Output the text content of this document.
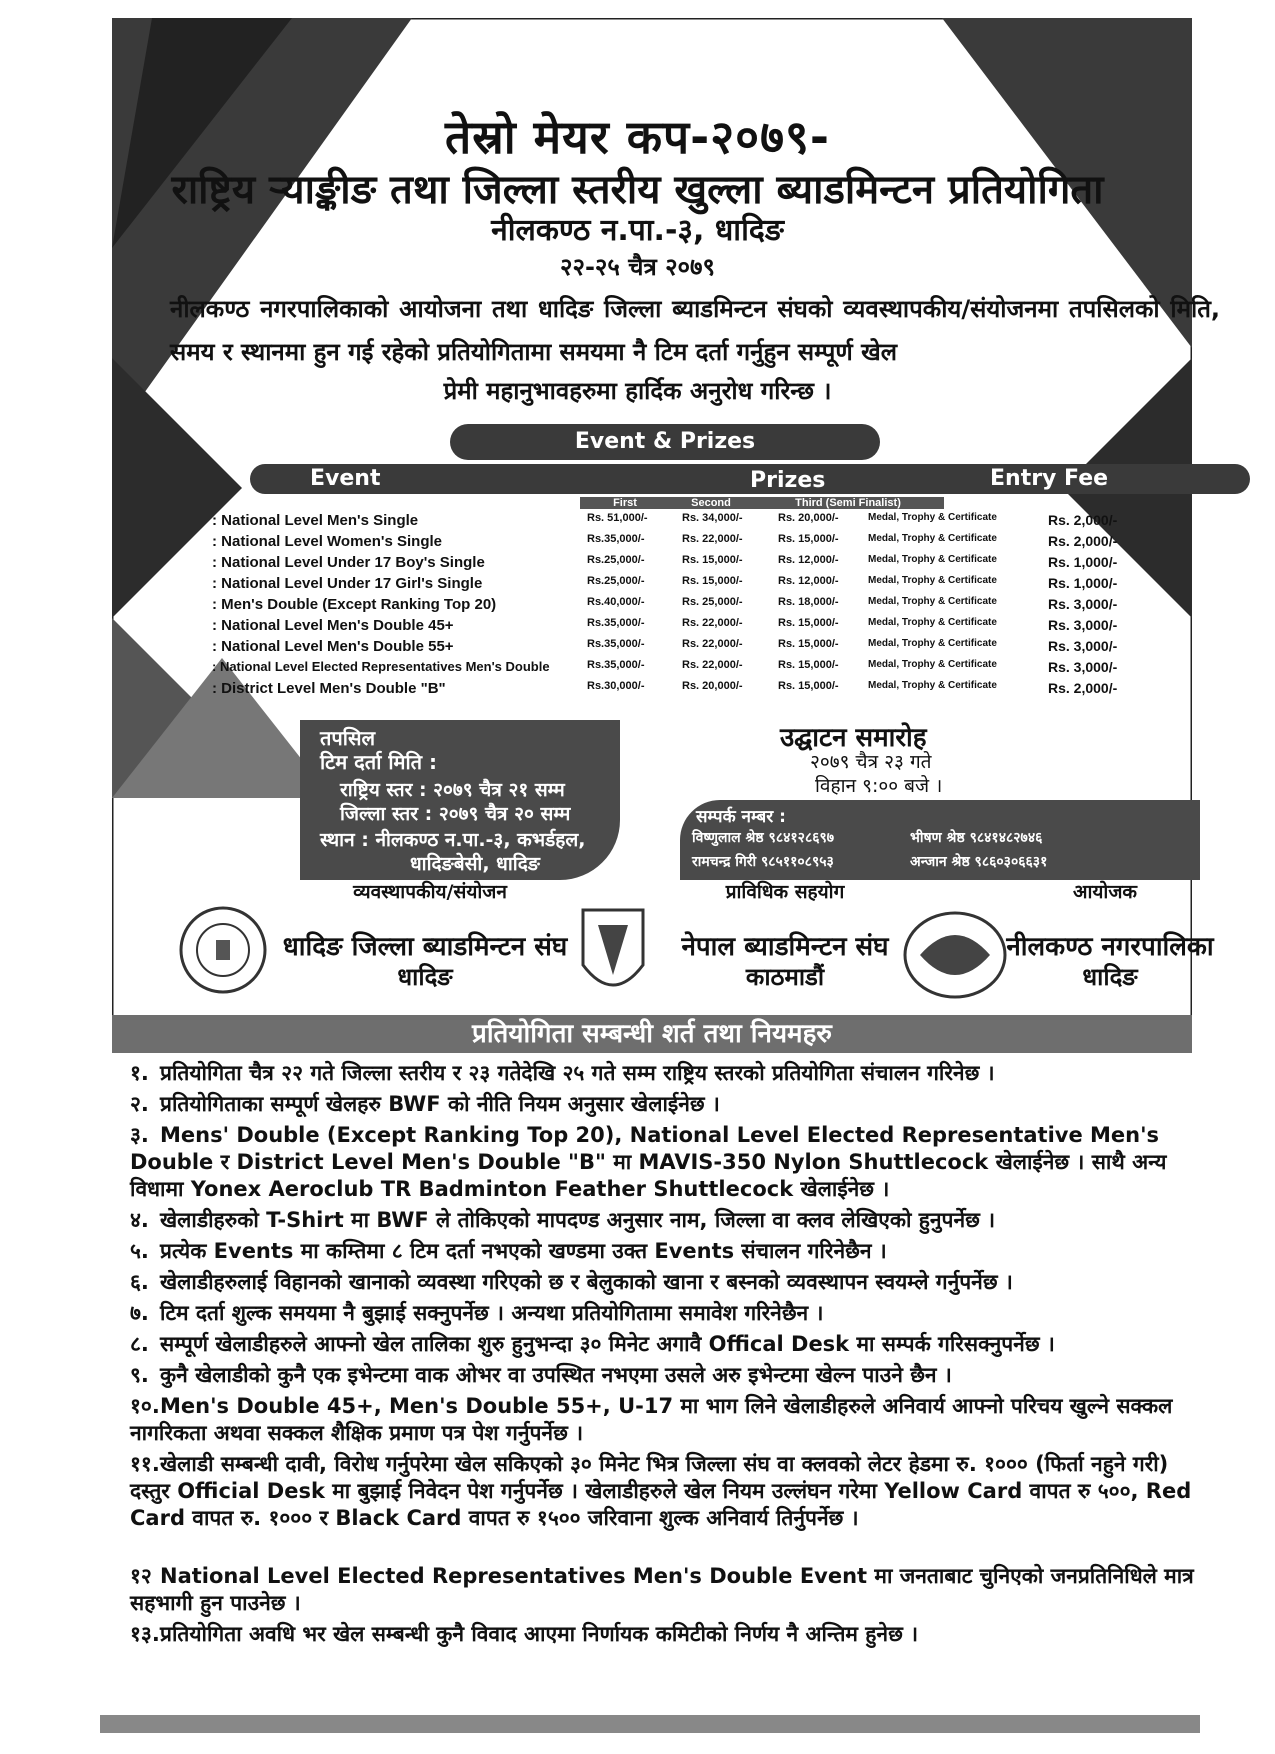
तेस्रो मेयर कप-२०७९-
राष्ट्रिय र्‍याङ्कीङ तथा जिल्ला स्तरीय खुल्ला ब्याडमिन्टन प्रतियोगिता
नीलकण्ठ न.पा.-३, धादिङ
२२-२५ चैत्र २०७९
नीलकण्ठ नगरपालिकाको आयोजना तथा धादिङ जिल्ला ब्याडमिन्टन संघको व्यवस्थापकीय/संयोजनमा तपसिलको मिति, समय र स्थानमा हुन गई रहेको प्रतियोगितामा समयमा नै टिम दर्ता गर्नुहुन सम्पूर्ण खेल
प्रेमी महानुभावहरुमा हार्दिक अनुरोध गरिन्छ ।
Event & Prizes
Event	Prizes	Entry Fee
First	Second	Third (Semi Finalist)
: National Level Men's Single	Rs. 51,000/-	Rs. 34,000/-	Rs. 20,000/-	Medal, Trophy & Certificate	Rs. 2,000/-
: National Level Women's Single	Rs.35,000/-	Rs. 22,000/-	Rs. 15,000/-	Medal, Trophy & Certificate	Rs. 2,000/-
: National Level Under 17 Boy's Single	Rs.25,000/-	Rs. 15,000/-	Rs. 12,000/-	Medal, Trophy & Certificate	Rs. 1,000/-
: National Level Under 17 Girl's Single	Rs.25,000/-	Rs. 15,000/-	Rs. 12,000/-	Medal, Trophy & Certificate	Rs. 1,000/-
: Men's Double (Except Ranking Top 20)	Rs.40,000/-	Rs. 25,000/-	Rs. 18,000/-	Medal, Trophy & Certificate	Rs. 3,000/-
: National Level Men's Double 45+	Rs.35,000/-	Rs. 22,000/-	Rs. 15,000/-	Medal, Trophy & Certificate	Rs. 3,000/-
: National Level Men's Double 55+	Rs.35,000/-	Rs. 22,000/-	Rs. 15,000/-	Medal, Trophy & Certificate	Rs. 3,000/-
: National Level Elected Representatives Men's Double	Rs.35,000/-	Rs. 22,000/-	Rs. 15,000/-	Medal, Trophy & Certificate	Rs. 3,000/-
: District Level Men's Double "B"	Rs.30,000/-	Rs. 20,000/-	Rs. 15,000/-	Medal, Trophy & Certificate	Rs. 2,000/-
तपसिल
टिम दर्ता मिति :
राष्ट्रिय स्तर : २०७९ चैत्र २१ सम्म
जिल्ला स्तर : २०७९ चैत्र २० सम्म
स्थान : नीलकण्ठ न.पा.-३, कभर्डहल,
धादिङबेसी, धादिङ
उद्घाटन समारोह
२०७९ चैत्र २३ गते
विहान ९:०० बजे ।
सम्पर्क नम्बर :
विष्णुलाल श्रेष्ठ ९८४१२८६९७	भीषण श्रेष्ठ ९८४१४८२७४६
रामचन्द्र गिरी ९८५११०८९५३	अन्जान श्रेष्ठ ९८६०३०६६३१
व्यवस्थापकीय/संयोजन
धादिङ जिल्ला ब्याडमिन्टन संघ
धादिङ
प्राविधिक सहयोग
नेपाल ब्याडमिन्टन संघ
काठमाडौं
आयोजक
नीलकण्ठ नगरपालिका
धादिङ
प्रतियोगिता सम्बन्धी शर्त तथा नियमहरु
१. प्रतियोगिता चैत्र २२ गते जिल्ला स्तरीय र २३ गतेदेखि २५ गते सम्म राष्ट्रिय स्तरको प्रतियोगिता संचालन गरिनेछ ।
२. प्रतियोगिताका सम्पूर्ण खेलहरु BWF को नीति नियम अनुसार खेलाईनेछ ।
३. Mens' Double (Except Ranking Top 20), National Level Elected Representative Men's Double र District Level Men's Double "B" मा MAVIS-350 Nylon Shuttlecock खेलाईनेछ । साथै अन्य विधामा Yonex Aeroclub TR Badminton Feather Shuttlecock खेलाईनेछ ।
४. खेलाडीहरुको T-Shirt मा BWF ले तोकिएको मापदण्ड अनुसार नाम, जिल्ला वा क्लव लेखिएको हुनुपर्नेछ ।
५. प्रत्येक Events मा कम्तिमा ८ टिम दर्ता नभएको खण्डमा उक्त Events संचालन गरिनेछैन ।
६. खेलाडीहरुलाई विहानको खानाको व्यवस्था गरिएको छ र बेलुकाको खाना र बस्नको व्यवस्थापन स्वयम्ले गर्नुपर्नेछ ।
७. टिम दर्ता शुल्क समयमा नै बुझाई सक्नुपर्नेछ । अन्यथा प्रतियोगितामा समावेश गरिनेछैन ।
८. सम्पूर्ण खेलाडीहरुले आफ्नो खेल तालिका शुरु हुनुभन्दा ३० मिनेट अगावै Offical Desk मा सम्पर्क गरिसक्नुपर्नेछ ।
९. कुनै खेलाडीको कुनै एक इभेन्टमा वाक ओभर वा उपस्थित नभएमा उसले अरु इभेन्टमा खेल्न पाउने छैन ।
१०.Men's Double 45+, Men's Double 55+, U-17 मा भाग लिने खेलाडीहरुले अनिवार्य आफ्नो परिचय खुल्ने सक्कल नागरिकता अथवा सक्कल शैक्षिक प्रमाण पत्र पेश गर्नुपर्नेछ ।
११.खेलाडी सम्बन्धी दावी, विरोध गर्नुपरेमा खेल सकिएको ३० मिनेट भित्र जिल्ला संघ वा क्लवको लेटर हेडमा रु. १००० (फिर्ता नहुने गरी) दस्तुर Official Desk मा बुझाई निवेदन पेश गर्नुपर्नेछ । खेलाडीहरुले खेल नियम उल्लंघन गरेमा Yellow Card वापत रु ५००, Red Card वापत रु. १००० र Black Card वापत रु १५०० जरिवाना शुल्क अनिवार्य तिर्नुपर्नेछ ।
१२ National Level Elected Representatives Men's Double Event मा जनताबाट चुनिएको जनप्रतिनिधिले मात्र सहभागी हुन पाउनेछ ।
१३.प्रतियोगिता अवधि भर खेल सम्बन्धी कुनै विवाद आएमा निर्णायक कमिटीको निर्णय नै अन्तिम हुनेछ ।
